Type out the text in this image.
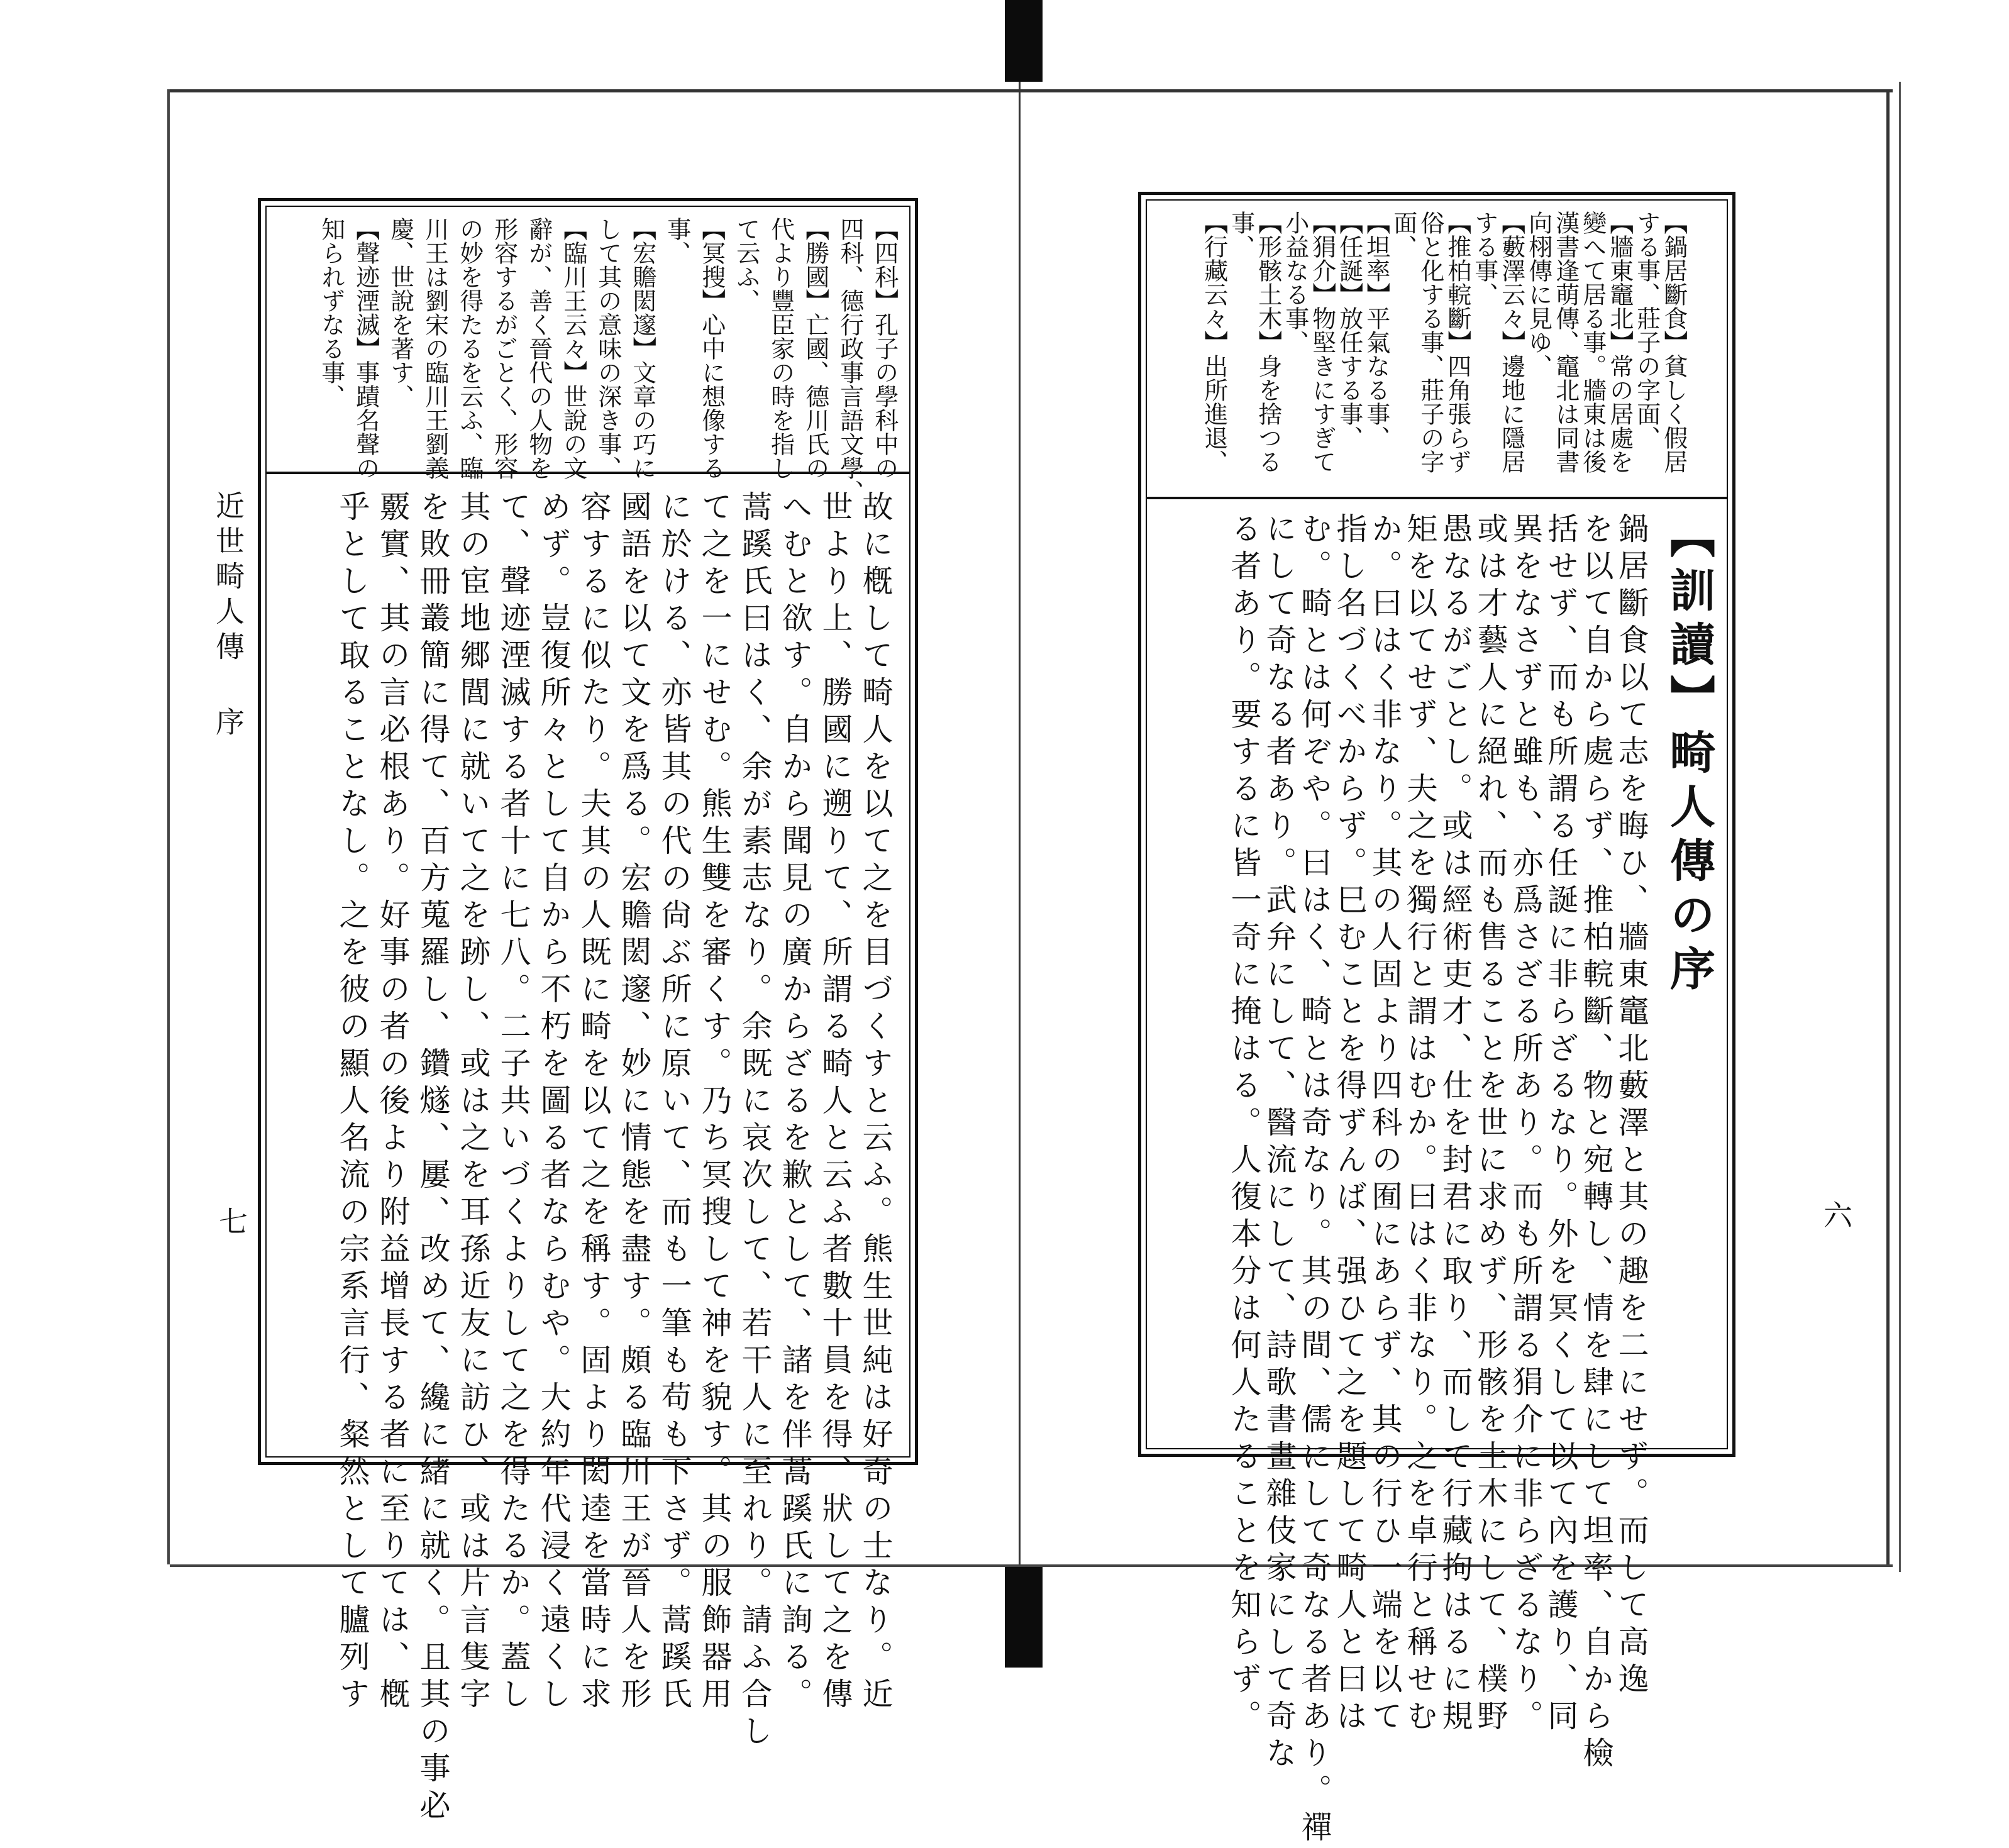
【鍋居斷食】貧しく假居
する事、莊子の字面、
【牆東竈北】常の居處を
變へて居る事。牆東は後
漢書逢萌傳、竈北は同書
向栩傳に見ゆ、
【藪澤云々】邊地に隱居
する事、
【推柏輐斷】四角張らず
俗と化する事、莊子の字
面、
【坦率】平氣なる事、
【任誕】放任する事、
【狷介】物堅きにすぎて
小益なる事、
【形骸土木】身を捨つる
事、
【行藏云々】出所進退、
【訓讀】畸人傳の序
鍋居斷食以て志を晦ひ、牆東竈北藪澤と其の趣を二にせず。而して高逸
を以て自から處らず、推柏輐斷、物と宛轉し、情を肆にして坦率、自から檢
括せず、而も所謂る任誕に非らざるなり。外を冥くして以て內を護り、同
異をなさずと雖も、亦爲さざる所あり。而も所謂る狷介に非らざるなり。
或は才藝人に絕れ、而も售ることを世に求めず、形骸を土木にして、樸野
愚なるがごとし。或は經術吏才、仕を封君に取り、而して行藏拘はるに規
矩を以てせず、夫之を獨行と謂はむか。曰はく非なり。之を卓行と稱せむ
か。曰はく非なり。其の人固より四科の囿にあらず、其の行ひ一端を以て
指し名づくべからず。巳むことを得ずんば、强ひて之を題して畸人と曰は
む。畸とは何ぞや。曰はく、畸とは奇なり。其の間、儒にして奇なる者あり。禪
にして奇なる者あり。武弁にして、醫流にして、詩歌書畫雜伎家にして奇な
る者あり。要するに皆一奇に掩はる。人復本分は何人たることを知らず。	六
【四科】孔子の學科中の
四科、德行政事言語文學、
【勝國】亡國、德川氏の
代より豐臣家の時を指し
て云ふ、
【冥搜】心中に想像する
事、
【宏贍閎邃】文章の巧に
して其の意味の深き事、
【臨川王云々】世說の文
辭が、善く晉代の人物を
形容するがごとく、形容
の妙を得たるを云ふ、臨
川王は劉宋の臨川王劉義
慶、世說を著す、
【聲迹湮滅】事蹟名聲の
知られずなる事、
故に槪して畸人を以て之を目づくすと云ふ。熊生世純は好奇の士なり。近
世より上、勝國に遡りて、所謂る畸人と云ふ者數十員を得、狀して之を傳
へむと欲す。自から聞見の廣からざるを歉として、諸を伴蒿蹊氏に詢る。
蒿蹊氏曰はく、余が素志なり。余既に哀次して、若干人に至れり。請ふ合し
て之を一にせむ。熊生雙を審くす。乃ち冥搜して神を貌す。其の服飾器用
に於ける、亦皆其の代の尙ぶ所に原いて、而も一筆も苟も下さず。蒿蹊氏
國語を以て文を爲る。宏贍閎邃、妙に情態を盡す。頗る臨川王が晉人を形
容するに似たり。夫其の人既に畸を以て之を稱す。固より閎逵を當時に求
めず。豈復所々として自から不朽を圖る者ならむや。大約年代浸く遠くし
て、聲迹湮滅する者十に七八。二子共いづくよりして之を得たるか。蓋し
其の宦地郷閭に就いて之を跡し、或は之を耳孫近友に訪ひ、或は片言隻字
を敗冊叢簡に得て、百方蒐羅し、鑽燧、屢、改めて、纔に緒に就く。且其の事必
覈實、其の言必根あり。好事の者の後より附益增長する者に至りては、槪
乎として取ることなし。之を彼の顯人名流の宗系言行、粲然として臚列す
近世畸人傳 序
七
